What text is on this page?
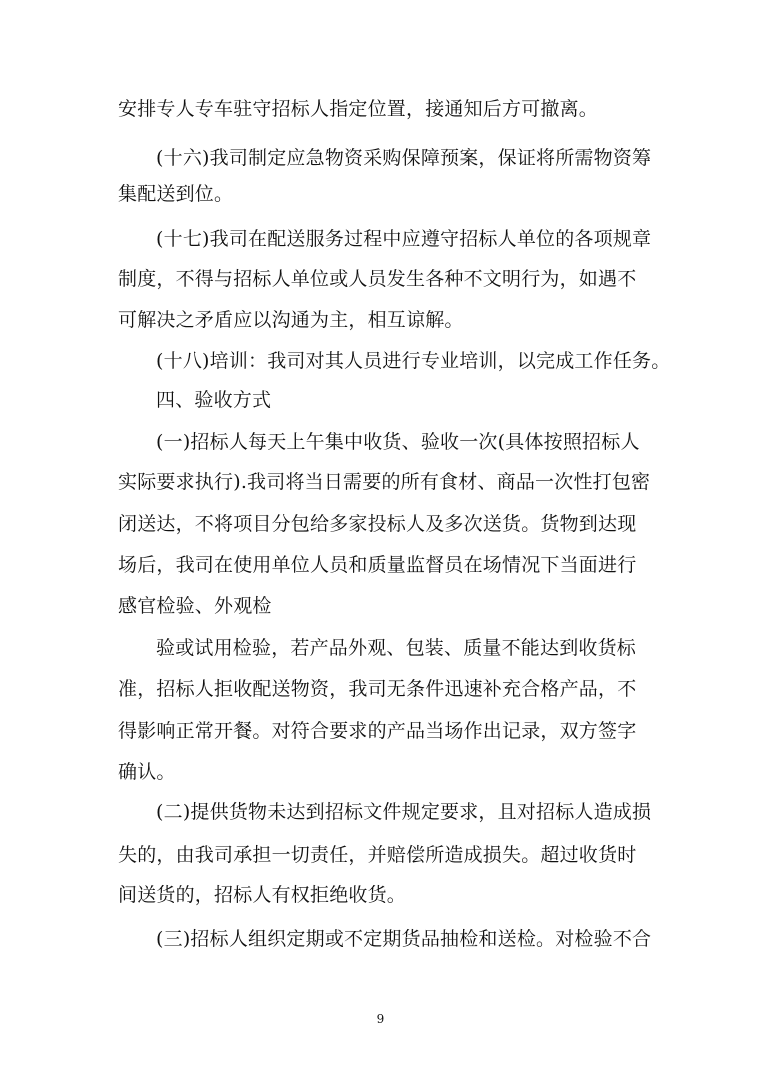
安排专人专车驻守招标人指定位置，接通知后方可撤离。
(十六)我司制定应急物资采购保障预案，保证将所需物资筹
集配送到位。
(十七)我司在配送服务过程中应遵守招标人单位的各项规章
制度，不得与招标人单位或人员发生各种不文明行为，如遇不
可解决之矛盾应以沟通为主，相互谅解。
(十八)培训：我司对其人员进行专业培训，以完成工作任务。
四、验收方式
(一)招标人每天上午集中收货、验收一次(具体按照招标人
实际要求执行).我司将当日需要的所有食材、商品一次性打包密
闭送达，不将项目分包给多家投标人及多次送货。货物到达现
场后，我司在使用单位人员和质量监督员在场情况下当面进行
感官检验、外观检
验或试用检验，若产品外观、包装、质量不能达到收货标
准，招标人拒收配送物资，我司无条件迅速补充合格产品，不
得影响正常开餐。对符合要求的产品当场作出记录，双方签字
确认。
(二)提供货物未达到招标文件规定要求，且对招标人造成损
失的，由我司承担一切责任，并赔偿所造成损失。超过收货时
间送货的，招标人有权拒绝收货。
(三)招标人组织定期或不定期货品抽检和送检。对检验不合
9
